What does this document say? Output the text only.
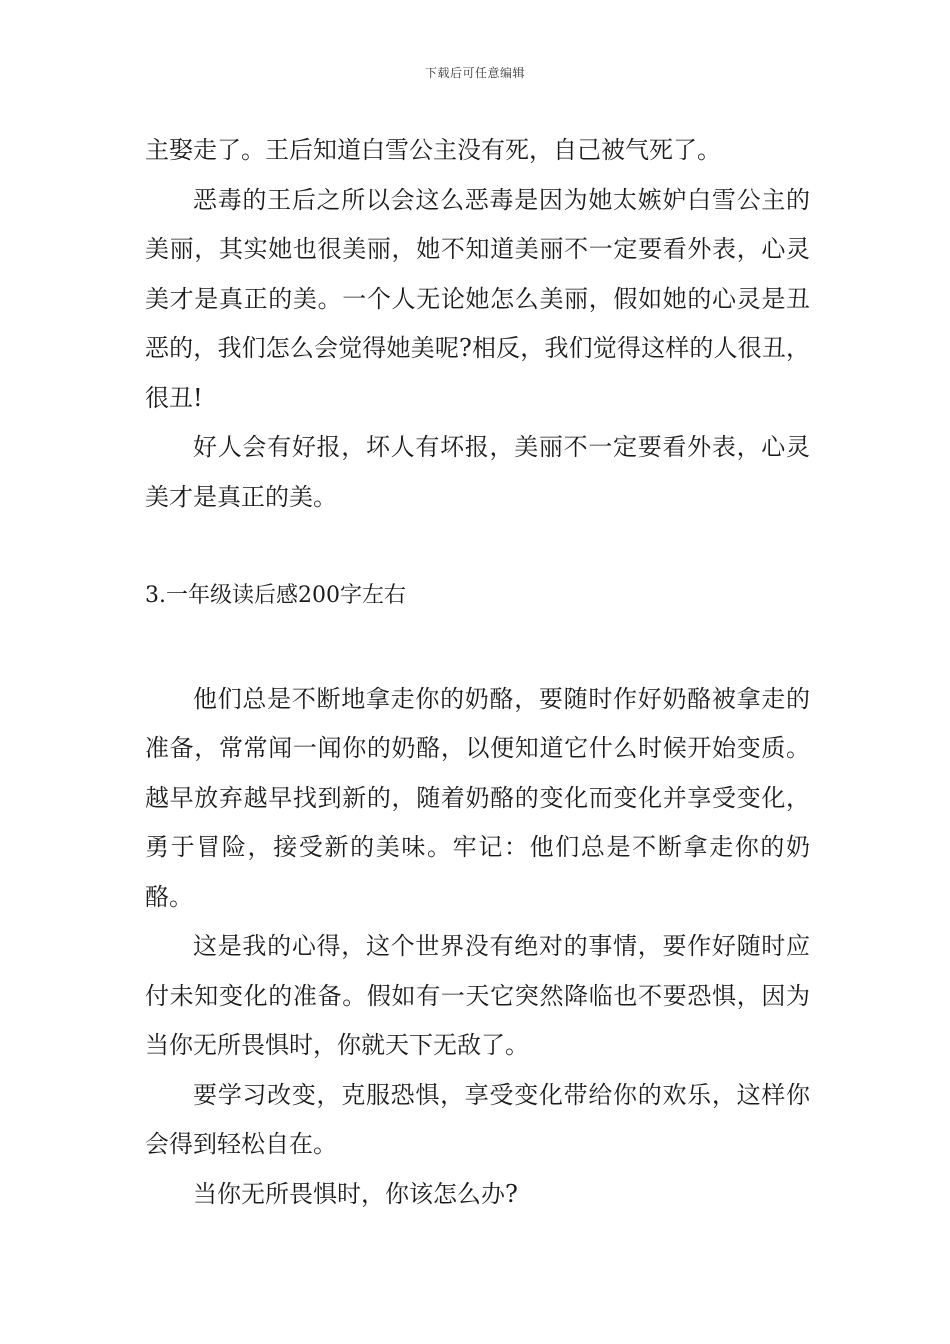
下载后可任意编辑

主娶走了。王后知道白雪公主没有死，自己被气死了。

恶毒的王后之所以会这么恶毒是因为她太嫉妒白雪公主的美丽，其实她也很美丽，她不知道美丽不一定要看外表，心灵美才是真正的美。一个人无论她怎么美丽，假如她的心灵是丑恶的，我们怎么会觉得她美呢?相反，我们觉得这样的人很丑，很丑!

好人会有好报，坏人有坏报，美丽不一定要看外表，心灵美才是真正的美。

3.一年级读后感200字左右

他们总是不断地拿走你的奶酪，要随时作好奶酪被拿走的准备，常常闻一闻你的奶酪，以便知道它什么时候开始变质。越早放弃越早找到新的，随着奶酪的变化而变化并享受变化，勇于冒险，接受新的美味。牢记：他们总是不断拿走你的奶酪。

这是我的心得，这个世界没有绝对的事情，要作好随时应付未知变化的准备。假如有一天它突然降临也不要恐惧，因为当你无所畏惧时，你就天下无敌了。

要学习改变，克服恐惧，享受变化带给你的欢乐，这样你会得到轻松自在。

当你无所畏惧时，你该怎么办?
